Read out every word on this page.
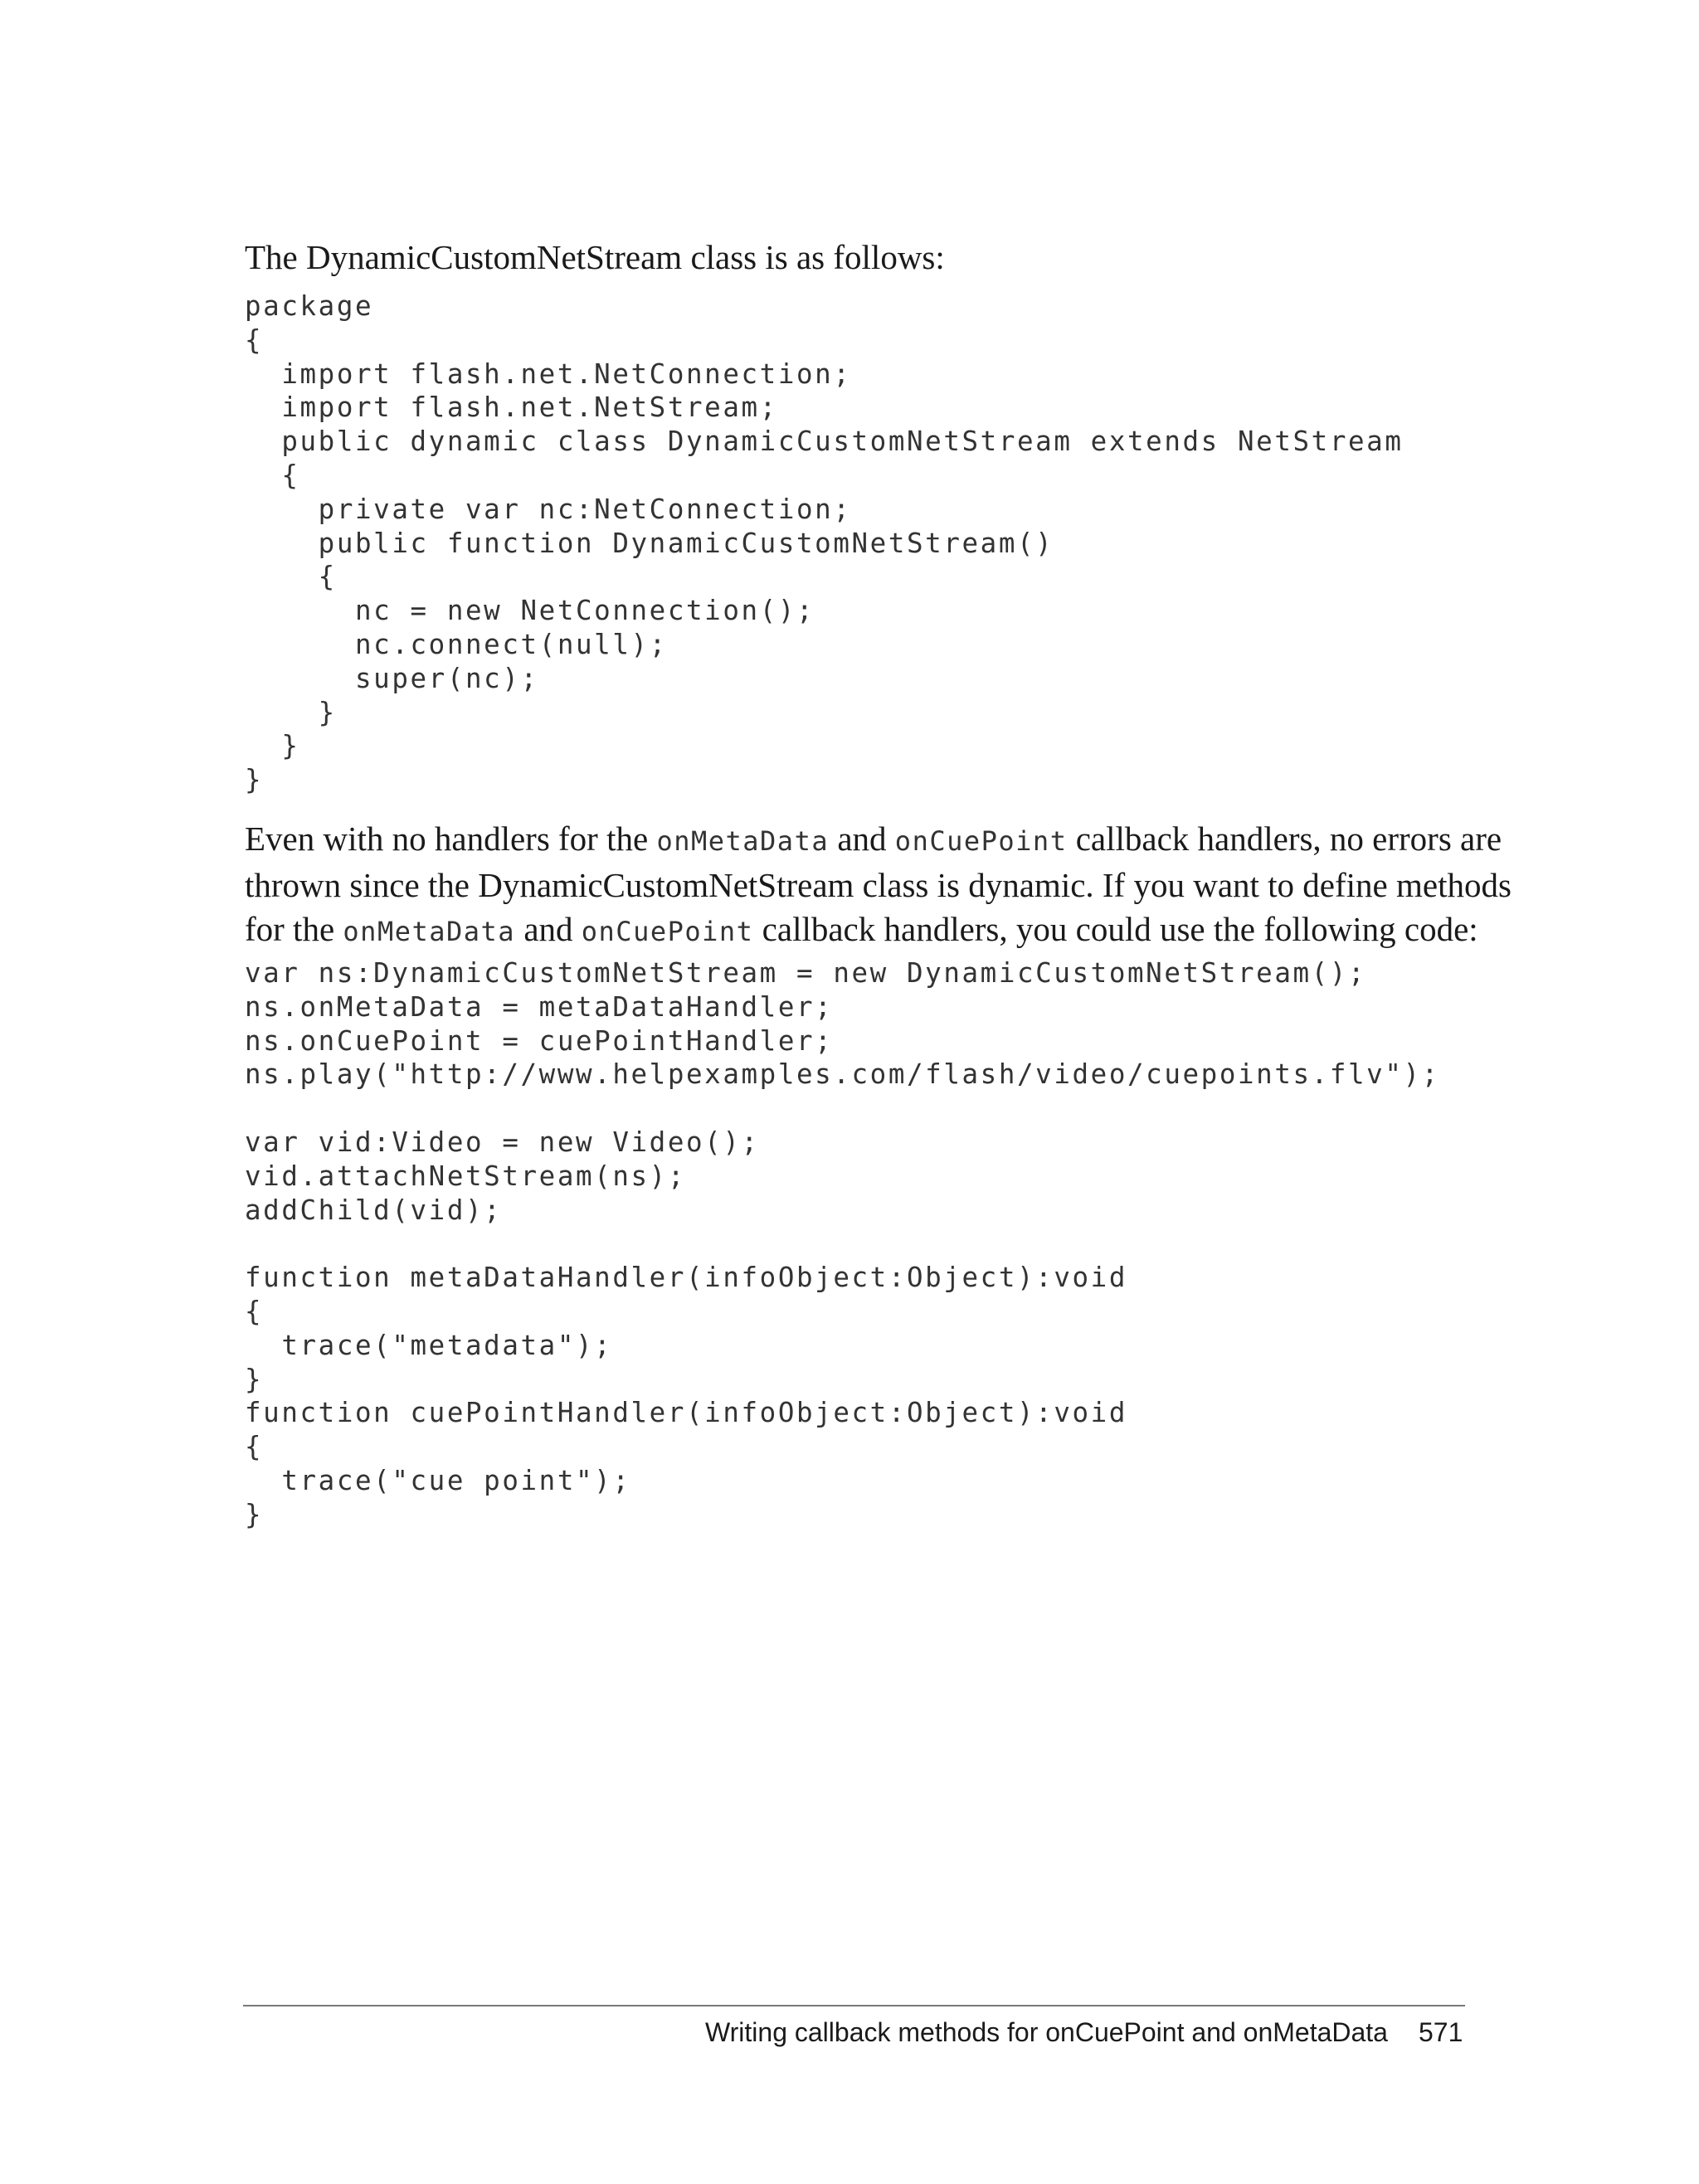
The DynamicCustomNetStream class is as follows:

package
{
import flash.net.NetConnection;
import flash.net.NetStream;
public dynamic class DynamicCustomNetStream extends NetStream
{
private var nc:NetConnection;
public function DynamicCustomNetStream()
{
nc = new NetConnection();
nc.connect(null);
super(nc);
}
}
}
Even with no handlers for the onMetaData and onCuePoint callback handlers, no errors are
thrown since the DynamicCustomNetStream class is dynamic. If you want to define methods
for the onMetaData and onCuePoint callback handlers, you could use the following code:
var ns:DynamicCustomNetStream = new DynamicCustomNetStream();
ns.onMetaData = metaDataHandler;
ns.onCuePoint = cuePointHandler;
ns.play("http://www.helpexamples.com/flash/video/cuepoints.flv");

var vid:Video = new Video();
vid.attachNetStream(ns);
addChild(vid);

function metaDataHandler(infoObject:Object):void
{
trace("metadata");
}
function cuePointHandler(infoObject:Object):void
{
trace("cue point");
}
Writing callback methods for onCuePoint and onMetaData 571
